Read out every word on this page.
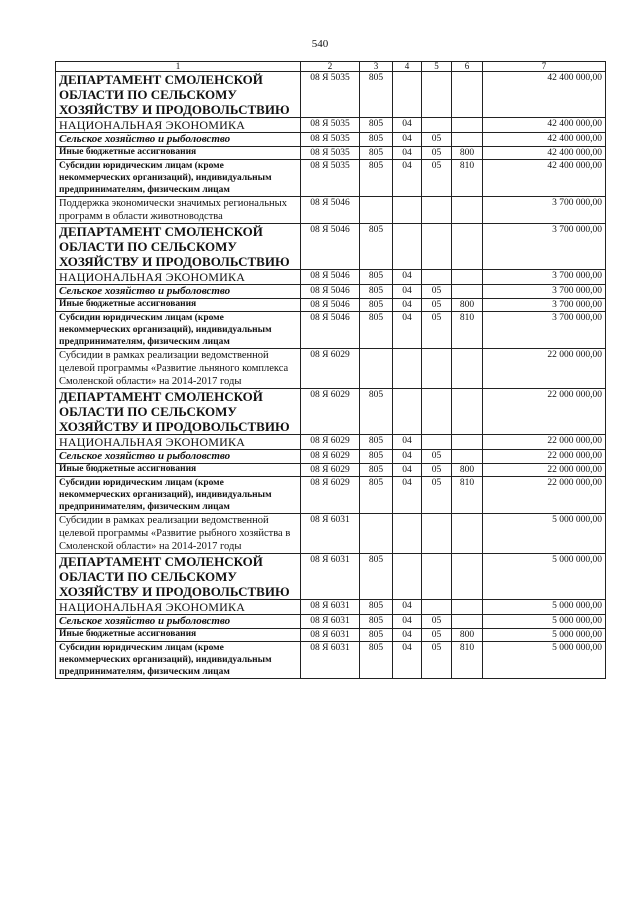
540
1	2	3	4	5	6	7
ДЕПАРТАМЕНТ СМОЛЕНСКОЙ ОБЛАСТИ ПО СЕЛЬСКОМУ ХОЗЯЙСТВУ И ПРОДОВОЛЬСТВИЮ	08 Я 5035	805				42 400 000,00
НАЦИОНАЛЬНАЯ ЭКОНОМИКА	08 Я 5035	805	04			42 400 000,00
Сельское хозяйство и рыболовство	08 Я 5035	805	04	05		42 400 000,00
Иные бюджетные ассигнования	08 Я 5035	805	04	05	800	42 400 000,00
Субсидии юридическим лицам (кроме некоммерческих организаций), индивидуальным предпринимателям, физическим лицам	08 Я 5035	805	04	05	810	42 400 000,00
Поддержка экономически значимых региональных программ в области животноводства	08 Я 5046					3 700 000,00
ДЕПАРТАМЕНТ СМОЛЕНСКОЙ ОБЛАСТИ ПО СЕЛЬСКОМУ ХОЗЯЙСТВУ И ПРОДОВОЛЬСТВИЮ	08 Я 5046	805				3 700 000,00
НАЦИОНАЛЬНАЯ ЭКОНОМИКА	08 Я 5046	805	04			3 700 000,00
Сельское хозяйство и рыболовство	08 Я 5046	805	04	05		3 700 000,00
Иные бюджетные ассигнования	08 Я 5046	805	04	05	800	3 700 000,00
Субсидии юридическим лицам (кроме некоммерческих организаций), индивидуальным предпринимателям, физическим лицам	08 Я 5046	805	04	05	810	3 700 000,00
Субсидии в рамках реализации ведомственной целевой программы «Развитие льняного комплекса Смоленской области» на 2014-2017 годы	08 Я 6029					22 000 000,00
ДЕПАРТАМЕНТ СМОЛЕНСКОЙ ОБЛАСТИ ПО СЕЛЬСКОМУ ХОЗЯЙСТВУ И ПРОДОВОЛЬСТВИЮ	08 Я 6029	805				22 000 000,00
НАЦИОНАЛЬНАЯ ЭКОНОМИКА	08 Я 6029	805	04			22 000 000,00
Сельское хозяйство и рыболовство	08 Я 6029	805	04	05		22 000 000,00
Иные бюджетные ассигнования	08 Я 6029	805	04	05	800	22 000 000,00
Субсидии юридическим лицам (кроме некоммерческих организаций), индивидуальным предпринимателям, физическим лицам	08 Я 6029	805	04	05	810	22 000 000,00
Субсидии в рамках реализации ведомственной целевой программы «Развитие рыбного хозяйства в Смоленской области» на 2014-2017 годы	08 Я 6031					5 000 000,00
ДЕПАРТАМЕНТ СМОЛЕНСКОЙ ОБЛАСТИ ПО СЕЛЬСКОМУ ХОЗЯЙСТВУ И ПРОДОВОЛЬСТВИЮ	08 Я 6031	805				5 000 000,00
НАЦИОНАЛЬНАЯ ЭКОНОМИКА	08 Я 6031	805	04			5 000 000,00
Сельское хозяйство и рыболовство	08 Я 6031	805	04	05		5 000 000,00
Иные бюджетные ассигнования	08 Я 6031	805	04	05	800	5 000 000,00
Субсидии юридическим лицам (кроме некоммерческих организаций), индивидуальным предпринимателям, физическим лицам	08 Я 6031	805	04	05	810	5 000 000,00
